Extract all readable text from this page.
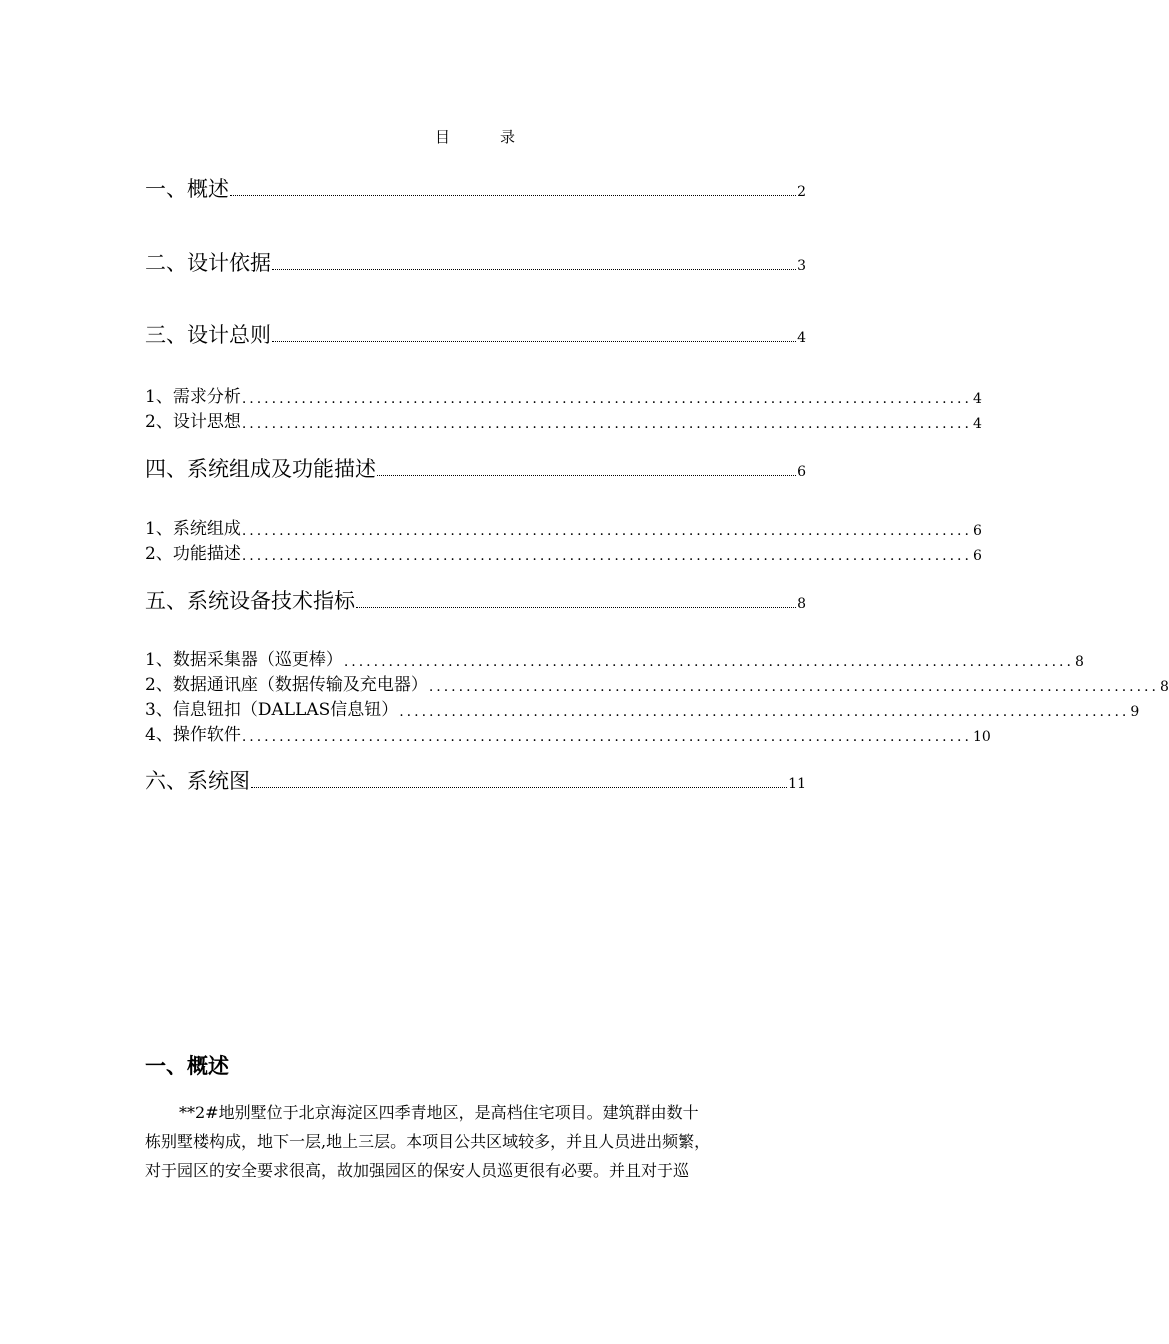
目	录
一、概述	2
二、设计依据	3
三、设计总则	4
1、需求分析 .................................................................................................. 4
2、设计思想 .................................................................................................. 4
四、系统组成及功能描述	6
1、系统组成 .................................................................................................. 6
2、功能描述 .................................................................................................. 6
五、系统设备技术指标	8
1、数据采集器（巡更棒） .................................................................................................. 8
2、数据通讯座（数据传输及充电器） .................................................................................................. 8
3、信息钮扣（DALLAS信息钮） .................................................................................................. 9
4、操作软件 .................................................................................................. 10
六、系统图	11
一、概述
**2#地别墅位于北京海淀区四季青地区，是高档住宅项目。建筑群由数十
栋别墅楼构成，地下一层,地上三层。本项目公共区域较多，并且人员进出频繁，
对于园区的安全要求很高，故加强园区的保安人员巡更很有必要。并且对于巡
